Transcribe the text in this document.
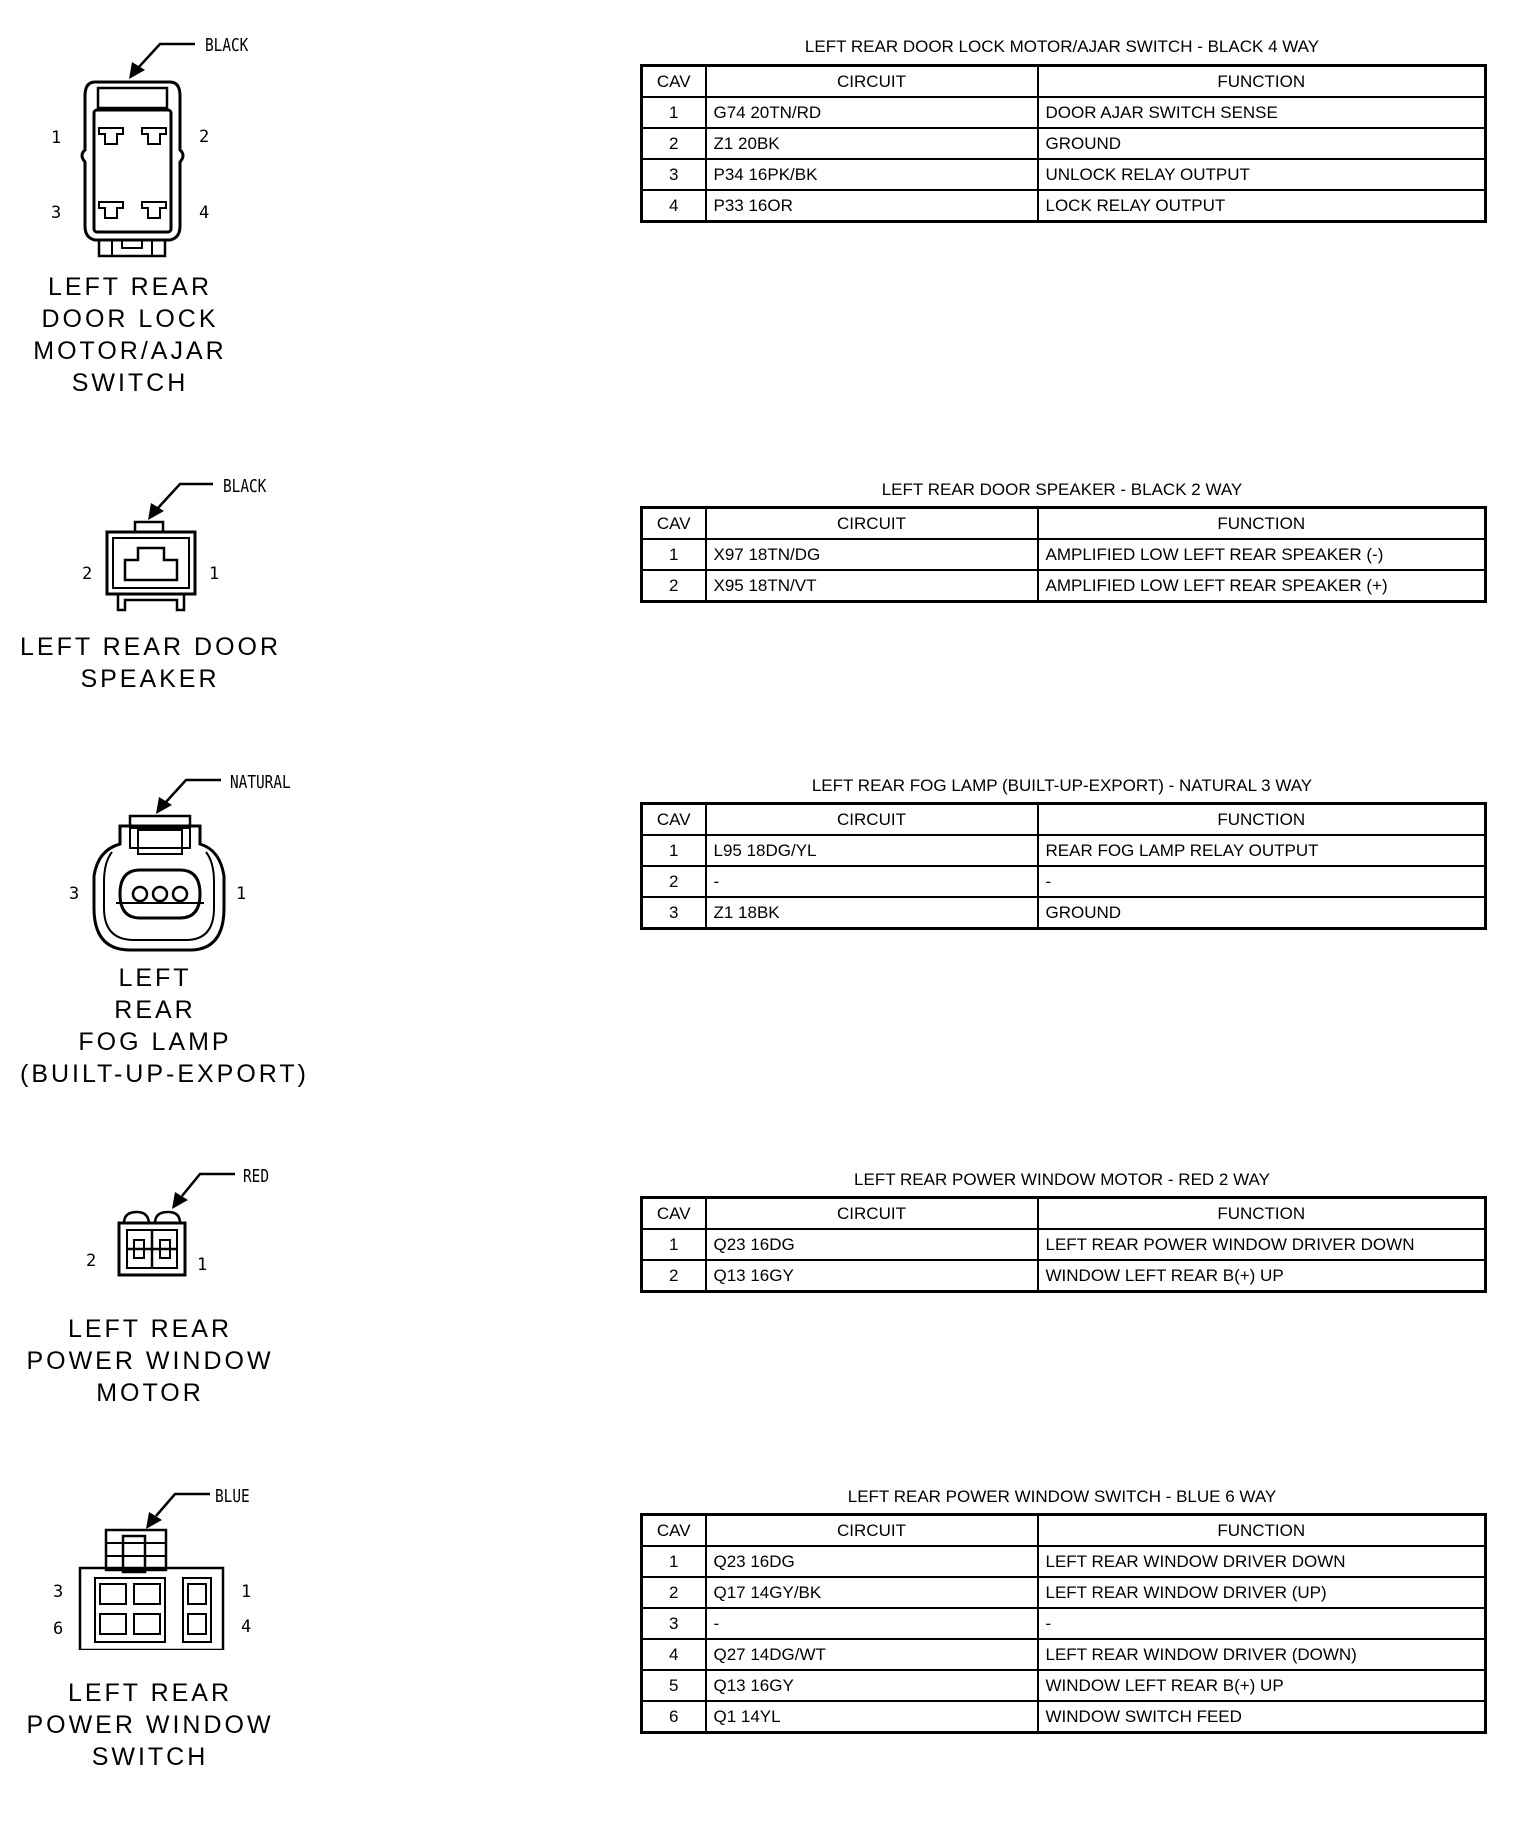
BLACK
1	2
3	4
LEFT REAR
DOOR LOCK
MOTOR/AJAR
SWITCH
LEFT REAR DOOR LOCK MOTOR/AJAR SWITCH - BLACK 4 WAY
CAV	CIRCUIT	FUNCTION
1	G74 20TN/RD	DOOR AJAR SWITCH SENSE
2	Z1 20BK	GROUND
3	P34 16PK/BK	UNLOCK RELAY OUTPUT
4	P33 16OR	LOCK RELAY OUTPUT
BLACK
2	1
LEFT REAR DOOR
SPEAKER
LEFT REAR DOOR SPEAKER - BLACK 2 WAY
CAV	CIRCUIT	FUNCTION
1	X97 18TN/DG	AMPLIFIED LOW LEFT REAR SPEAKER (-)
2	X95 18TN/VT	AMPLIFIED LOW LEFT REAR SPEAKER (+)
NATURAL
3	1
LEFT
REAR
FOG LAMP
(BUILT-UP-EXPORT)
LEFT REAR FOG LAMP (BUILT-UP-EXPORT) - NATURAL 3 WAY
CAV	CIRCUIT	FUNCTION
1	L95 18DG/YL	REAR FOG LAMP RELAY OUTPUT
2	-	-
3	Z1 18BK	GROUND
RED
2	1
LEFT REAR
POWER WINDOW
MOTOR
LEFT REAR POWER WINDOW MOTOR - RED 2 WAY
CAV	CIRCUIT	FUNCTION
1	Q23 16DG	LEFT REAR POWER WINDOW DRIVER DOWN
2	Q13 16GY	WINDOW LEFT REAR B(+) UP
BLUE
3
6
1
4
LEFT REAR
POWER WINDOW
SWITCH
LEFT REAR POWER WINDOW SWITCH - BLUE 6 WAY
CAV	CIRCUIT	FUNCTION
1	Q23 16DG	LEFT REAR WINDOW DRIVER DOWN
2	Q17 14GY/BK	LEFT REAR WINDOW DRIVER (UP)
3	-	-
4	Q27 14DG/WT	LEFT REAR WINDOW DRIVER (DOWN)
5	Q13 16GY	WINDOW LEFT REAR B(+) UP
6	Q1 14YL	WINDOW SWITCH FEED
